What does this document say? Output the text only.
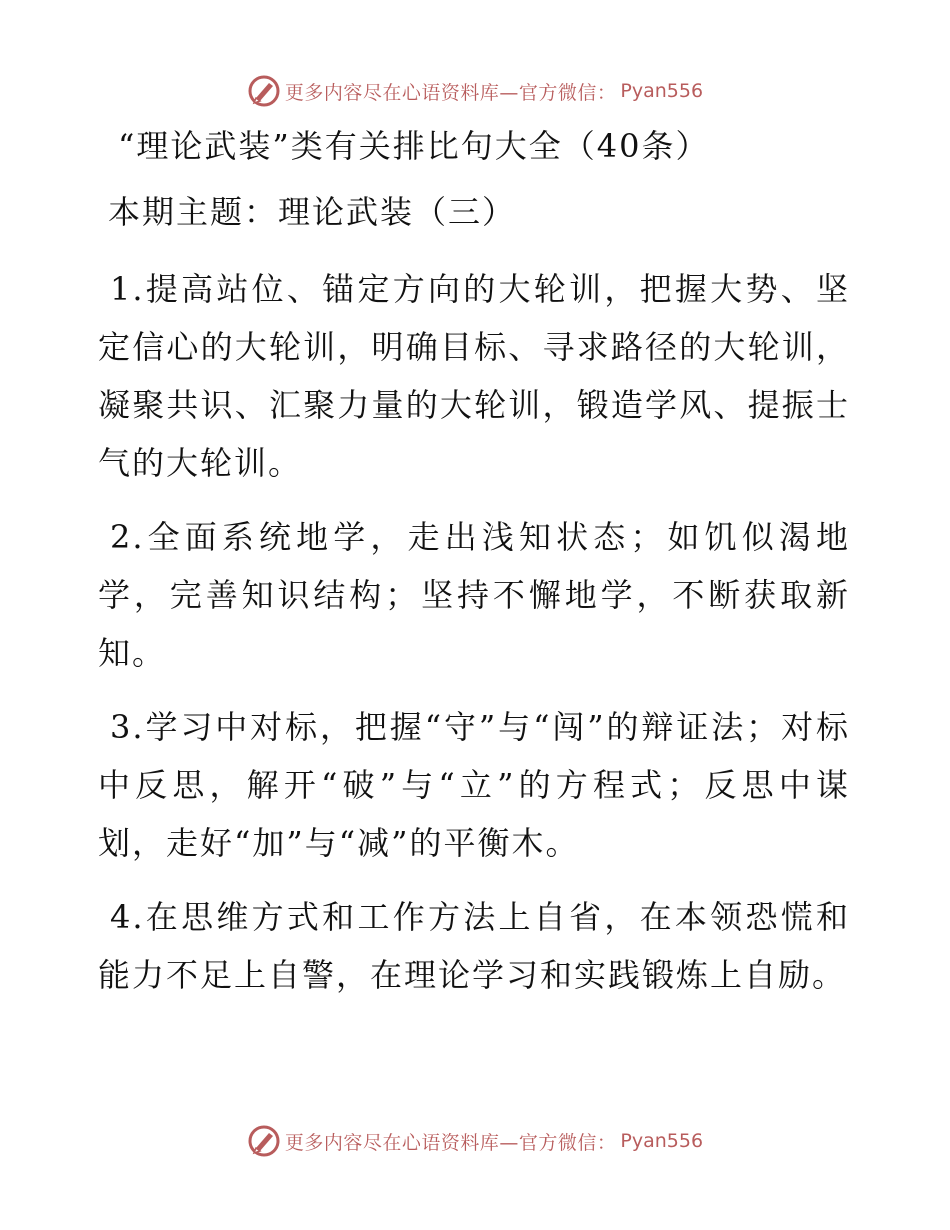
更多内容尽在心语资料库—官方微信： Pyan556
“理论武装”类有关排比句大全（40条）
本期主题：理论武装（三）

1.提高站位、锚定方向的大轮训，把握大势、坚定信心的大轮训，明确目标、寻求路径的大轮训，凝聚共识、汇聚力量的大轮训，锻造学风、提振士气的大轮训。

2.全面系统地学，走出浅知状态；如饥似渴地学，完善知识结构；坚持不懈地学，不断获取新知。

3.学习中对标，把握“守”与“闯”的辩证法；对标中反思，解开“破”与“立”的方程式；反思中谋划，走好“加”与“减”的平衡木。

4.在思维方式和工作方法上自省，在本领恐慌和能力不足上自警，在理论学习和实践锻炼上自励。

更多内容尽在心语资料库—官方微信： Pyan556
